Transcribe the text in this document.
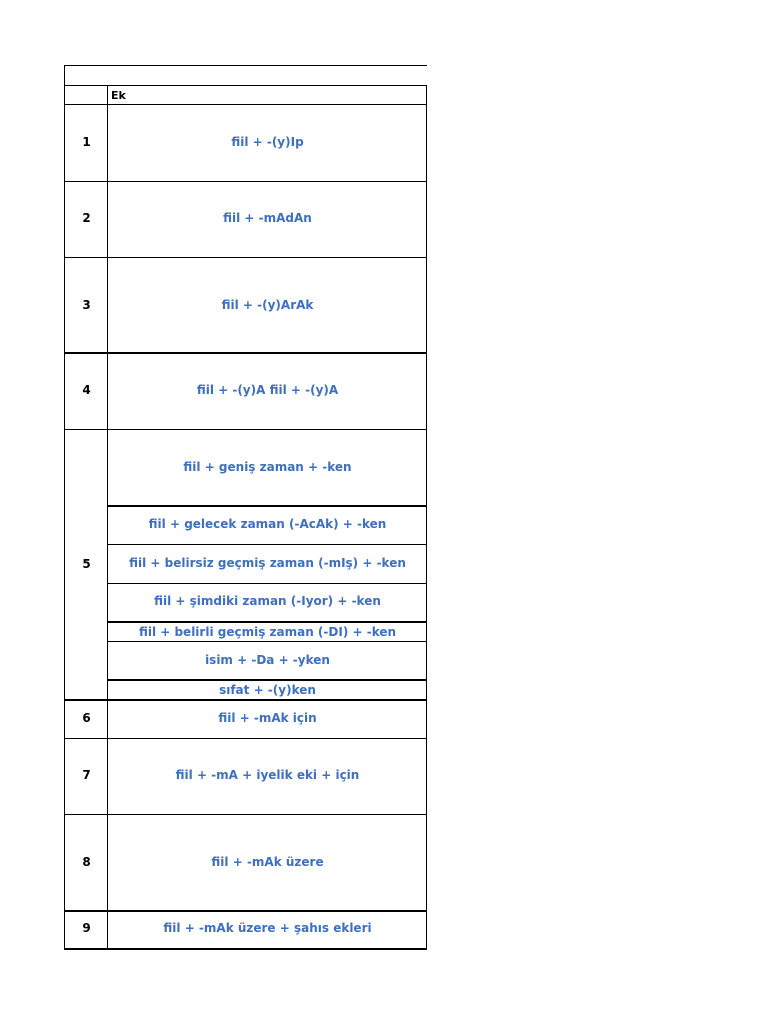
Ek
1
2
3
4
5
6
7
8
9
fiil + -(y)Ip
fiil + -mAdAn
fiil + -(y)ArAk
fiil + -(y)A fiil + -(y)A
fiil + geniş zaman + -ken
fiil + gelecek zaman (-AcAk) + -ken
fiil + belirsiz geçmiş zaman (-mIş) + -ken
fiil + şimdiki zaman (-Iyor) + -ken
fiil + belirli geçmiş zaman (-DI) + -ken
isim + -Da + -yken
sıfat + -(y)ken
fiil + -mAk için
fiil + -mA + iyelik eki + için
fiil + -mAk üzere
fiil + -mAk üzere + şahıs ekleri
